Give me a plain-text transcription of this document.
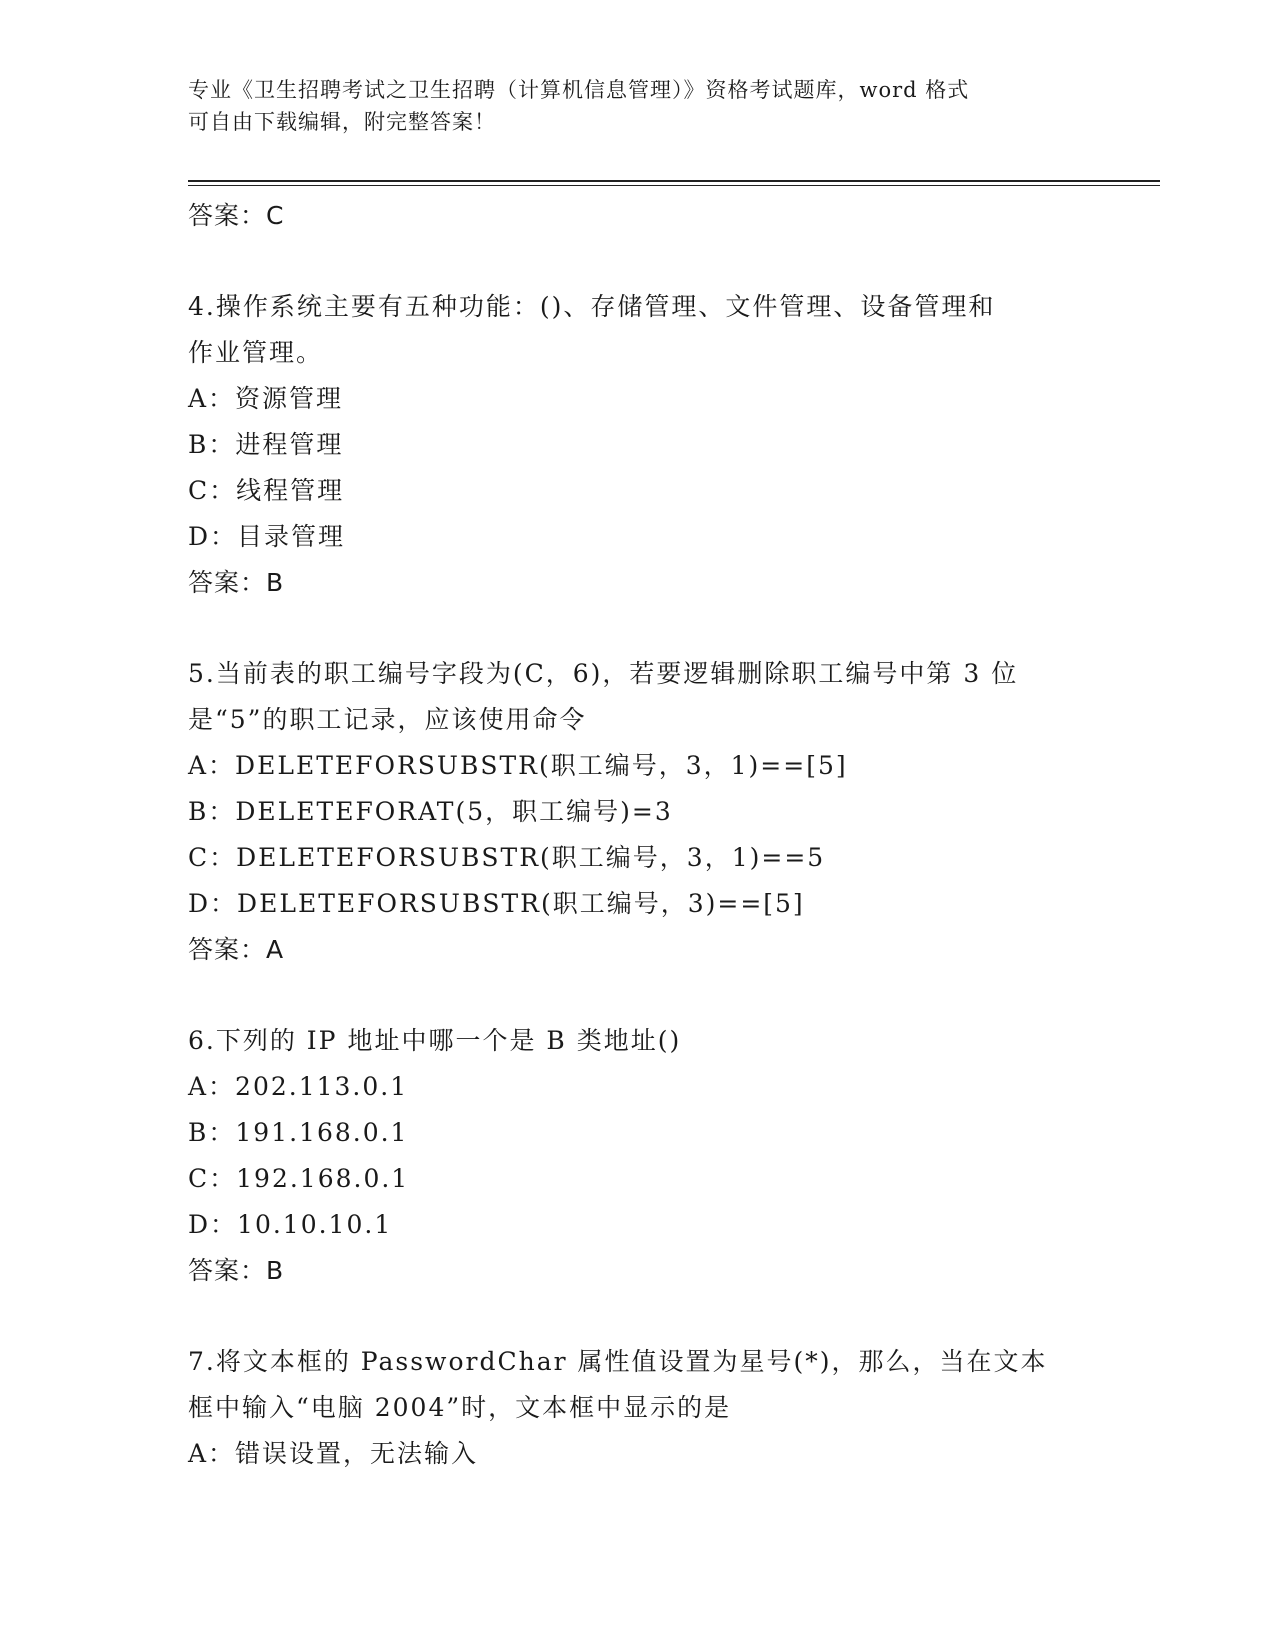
专业《卫生招聘考试之卫生招聘（计算机信息管理）》资格考试题库，word 格式
可自由下载编辑，附完整答案！

答案：C

4.操作系统主要有五种功能：()、存储管理、文件管理、设备管理和

作业管理。

A：资源管理

B：进程管理

C：线程管理

D：目录管理

答案：B

5.当前表的职工编号字段为(C，6)，若要逻辑删除职工编号中第 3 位

是“5”的职工记录，应该使用命令

A：DELETEFORSUBSTR(职工编号，3，1)==[5]

B：DELETEFORAT(5，职工编号)=3

C：DELETEFORSUBSTR(职工编号，3，1)==5

D：DELETEFORSUBSTR(职工编号，3)==[5]

答案：A

6.下列的 IP 地址中哪一个是 B 类地址()

A：202.113.0.1

B：191.168.0.1

C：192.168.0.1

D：10.10.10.1

答案：B

7.将文本框的 PasswordChar 属性值设置为星号(*)，那么，当在文本

框中输入“电脑 2004”时，文本框中显示的是

A：错误设置，无法输入
